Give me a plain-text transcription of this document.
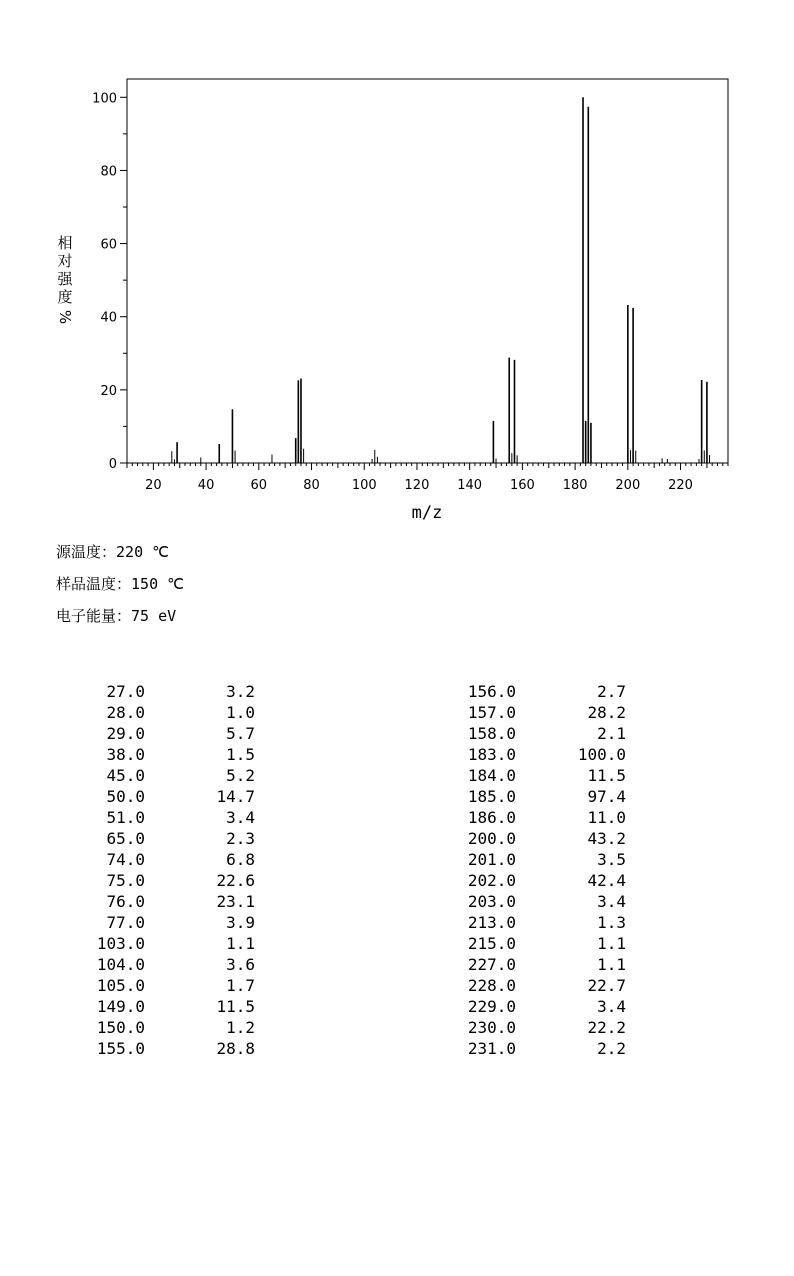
0
20
40
60
80
100
20	40	60	80 100 120 140 160 180 200 220
m/z
相对强度
%
源温度：220 ℃
样品温度：150 ℃
电子能量：75 eV
27.0	3.2
28.0	1.0
29.0	5.7
38.0	1.5
45.0	5.2
50.0	14.7
51.0	3.4
65.0	2.3
74.0	6.8
75.0	22.6
76.0	23.1
77.0	3.9
103.0	1.1
104.0	3.6
105.0	1.7
149.0	11.5
150.0	1.2
155.0	28.8
156.0	2.7
157.0	28.2
158.0	2.1
183.0	100.0
184.0	11.5
185.0	97.4
186.0	11.0
200.0	43.2
201.0	3.5
202.0	42.4
203.0	3.4
213.0	1.3
215.0	1.1
227.0	1.1
228.0	22.7
229.0	3.4
230.0	22.2
231.0	2.2
